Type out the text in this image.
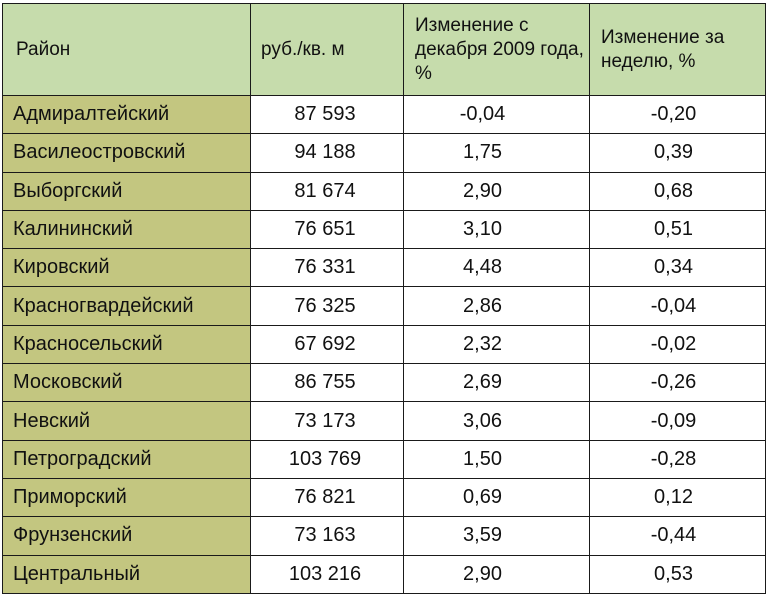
Район	руб./кв. м	Изменение с декабря 2009 года, %	Изменение за неделю, %
Адмиралтейский	87 593	-0,04	-0,20
Василеостровский	94 188	1,75	0,39
Выборгский	81 674	2,90	0,68
Калининский	76 651	3,10	0,51
Кировский	76 331	4,48	0,34
Красногвардейский	76 325	2,86	-0,04
Красносельский	67 692	2,32	-0,02
Московский	86 755	2,69	-0,26
Невский	73 173	3,06	-0,09
Петроградский	103 769	1,50	-0,28
Приморский	76 821	0,69	0,12
Фрунзенский	73 163	3,59	-0,44
Центральный	103 216	2,90	0,53
